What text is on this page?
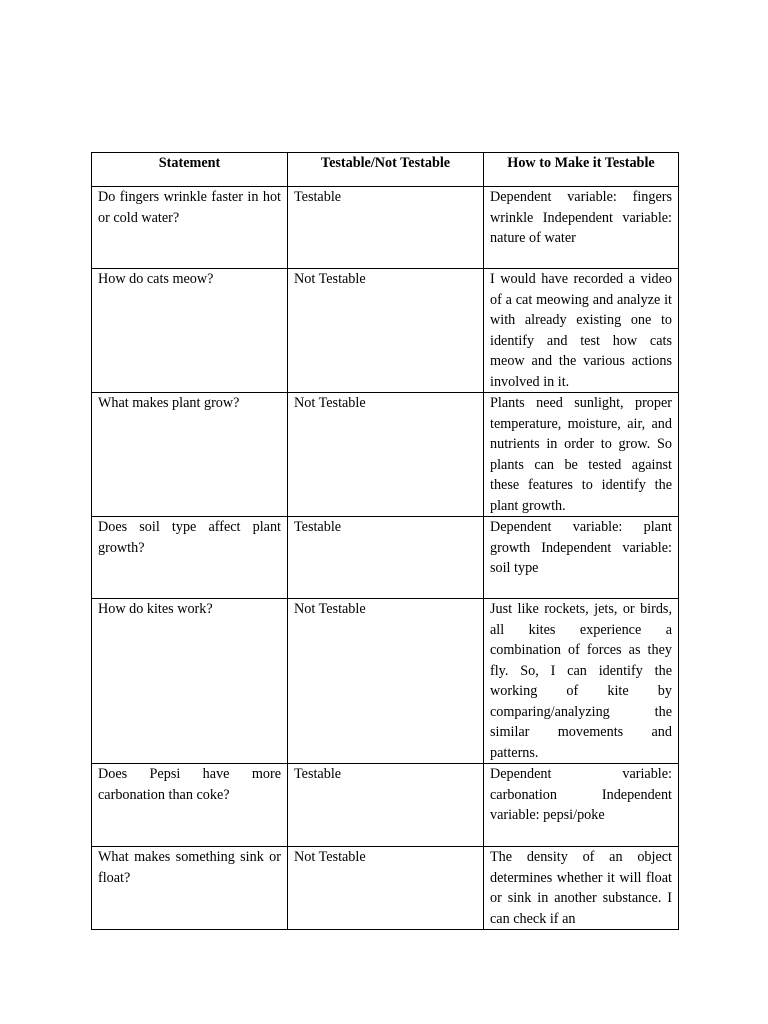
Statement	Testable/Not Testable	How to Make it Testable
Do fingers wrinkle faster in hot or cold water?	Testable	Dependent variable: fingers wrinkle Independent variable: nature of water
How do cats meow?	Not Testable	I would have recorded a video of a cat meowing and analyze it with already existing one to identify and test how cats meow and the various actions involved in it.
What makes plant grow?	Not Testable	Plants need sunlight, proper temperature, moisture, air, and nutrients in order to grow. So plants can be tested against these features to identify the plant growth.
Does soil type affect plant growth?	Testable	Dependent variable: plant growth Independent variable: soil type
How do kites work?	Not Testable	Just like rockets, jets, or birds, all kites experience a combination of forces as they fly. So, I can identify the working of kite by comparing/analyzing the similar movements and patterns.
Does Pepsi have more carbonation than coke?	Testable	Dependent variable: carbonation Independent variable: pepsi/poke
What makes something sink or float?	Not Testable	The density of an object determines whether it will float or sink in another substance. I can check if an
